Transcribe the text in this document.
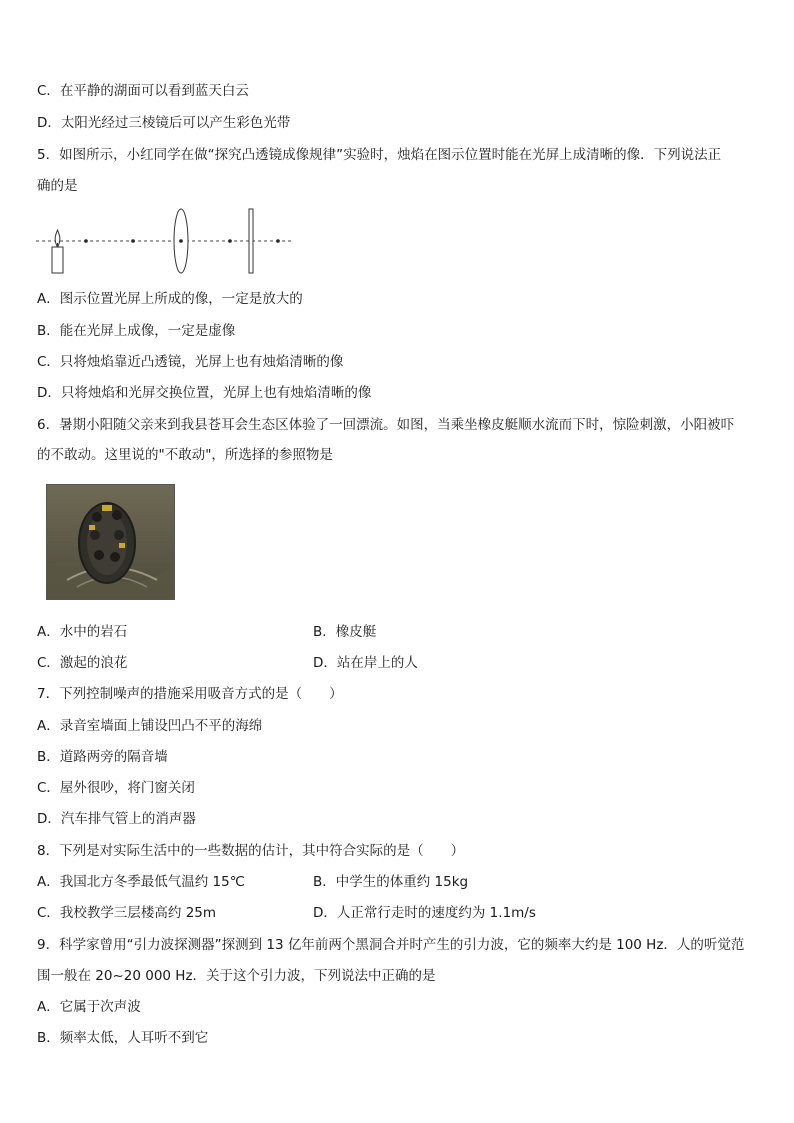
C．在平静的湖面可以看到蓝天白云
D．太阳光经过三棱镜后可以产生彩色光带
5．如图所示，小红同学在做“探究凸透镜成像规律”实验时，烛焰在图示位置时能在光屏上成清晰的像．下列说法正
确的是
A．图示位置光屏上所成的像，一定是放大的
B．能在光屏上成像，一定是虚像
C．只将烛焰靠近凸透镜，光屏上也有烛焰清晰的像
D．只将烛焰和光屏交换位置，光屏上也有烛焰清晰的像
6．暑期小阳随父亲来到我县苍耳会生态区体验了一回漂流。如图，当乘坐橡皮艇顺水流而下时，惊险刺激，小阳被吓
的不敢动。这里说的"不敢动"，所选择的参照物是
A．水中的岩石	B．橡皮艇
C．激起的浪花	D．站在岸上的人
7．下列控制噪声的措施采用吸音方式的是（　　）
A．录音室墙面上铺设凹凸不平的海绵
B．道路两旁的隔音墙
C．屋外很吵，将门窗关闭
D．汽车排气管上的消声器
8．下列是对实际生活中的一些数据的估计，其中符合实际的是（　　）
A．我国北方冬季最低气温约 15℃	B．中学生的体重约 15kg
C．我校教学三层楼高约 25m	D．人正常行走时的速度约为 1.1m/s
9．科学家曾用“引力波探测器”探测到 13 亿年前两个黑洞合并时产生的引力波，它的频率大约是 100 Hz．人的听觉范
围一般在 20~20 000 Hz．关于这个引力波，下列说法中正确的是
A．它属于次声波
B．频率太低，人耳听不到它
